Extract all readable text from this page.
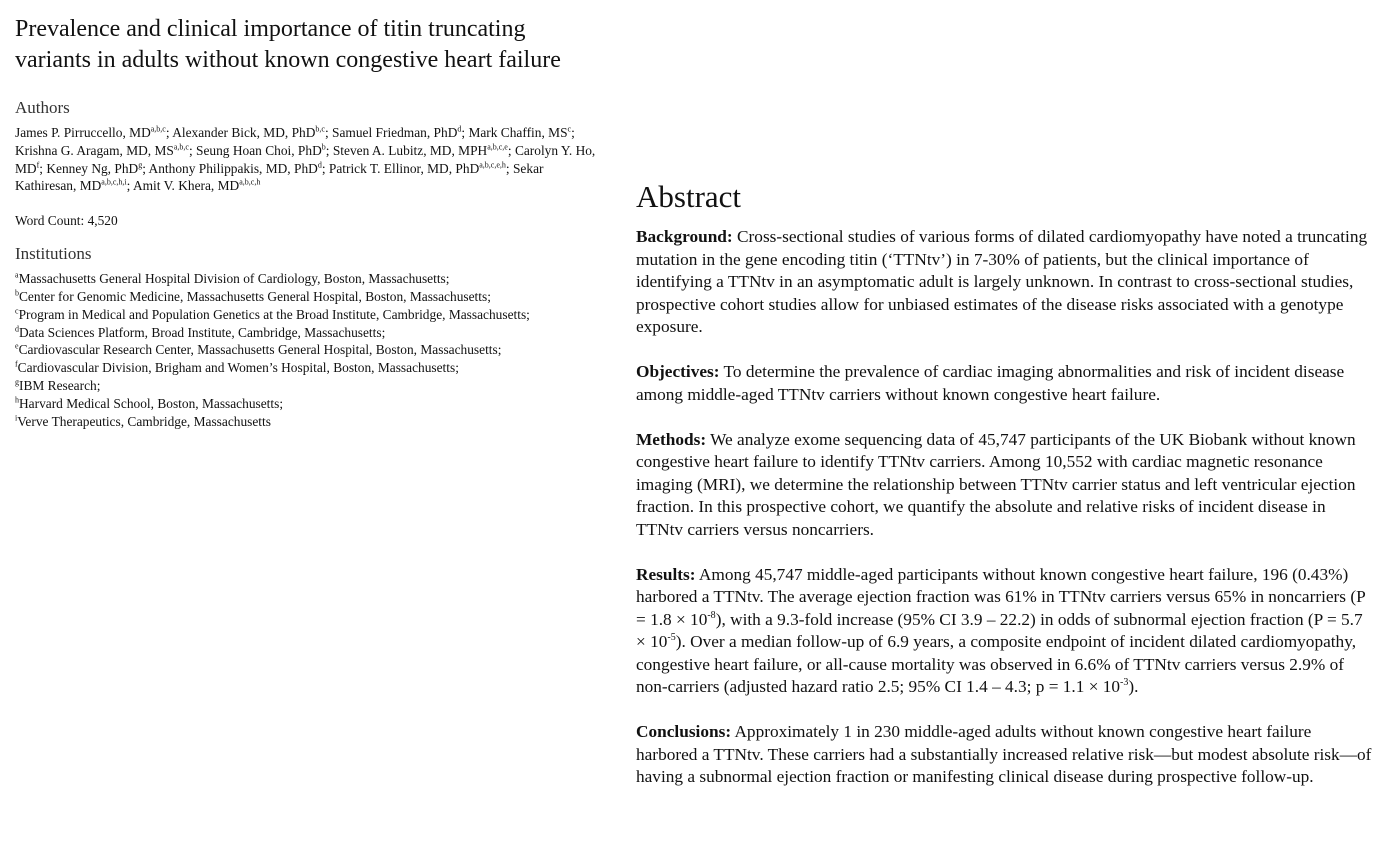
Prevalence and clinical importance of titin truncating variants in adults without known congestive heart failure
Authors
James P. Pirruccello, MD$^{a,b,c}$; Alexander Bick, MD, PhD$^{b,c}$; Samuel Friedman, PhD$^d$; Mark Chaffin, $MS^c$; Krishna G. Aragam, MD, MS$^{a,b,c}$; Seung Hoan Choi, PhD$^b$; Steven A. Lubitz, MD, MPH$^{a,b,c,e}$; Carolyn Y. Ho, $MD^f$; Kenney Ng, PhD$^g$; Anthony Philippakis, MD, PhD$^d$; Patrick T. Ellinor, MD, PhD$^{a,b,c,e,h}$; Sekar Kathiresan, MD$^{a,b,c,h,i}$; Amit V. Khera, MD$^{a,b,c,h}$
Word Count: 4,520
Institutions
$^a$Massachusetts General Hospital Division of Cardiology, Boston, Massachusetts;
$^b$Center for Genomic Medicine, Massachusetts General Hospital, Boston, Massachusetts;
$^c$Program in Medical and Population Genetics at the Broad Institute, Cambridge, Massachusetts;
$^d$Data Sciences Platform, Broad Institute, Cambridge, Massachusetts;
$^e$Cardiovascular Research Center, Massachusetts General Hospital, Boston, Massachusetts;
$^f$Cardiovascular Division, Brigham and Women’s Hospital, Boston, Massachusetts;
$^g$IBM Research;
$^h$Harvard Medical School, Boston, Massachusetts;
$^i$Verve Therapeutics, Cambridge, Massachusetts
Abstract

Background: Cross-sectional studies of various forms of dilated cardiomyopathy have noted a truncating mutation in the gene encoding titin (‘TTNtv’) in 7-30% of patients, but the clinical importance of identifying a TTNtv in an asymptomatic adult is largely unknown. In contrast to cross-sectional studies, prospective cohort studies allow for unbiased estimates of the disease risks associated with a genotype exposure.

Objectives: To determine the prevalence of cardiac imaging abnormalities and risk of incident disease among middle-aged TTNtv carriers without known congestive heart failure.

Methods: We analyze exome sequencing data of 45,747 participants of the UK Biobank without known congestive heart failure to identify TTNtv carriers. Among 10,552 with cardiac magnetic resonance imaging (MRI), we determine the relationship between TTNtv carrier status and left ventricular ejection fraction. In this prospective cohort, we quantify the absolute and relative risks of incident disease in TTNtv carriers versus noncarriers.

Results: Among 45,747 middle-aged participants without known congestive heart failure, 196 (0.43%) harbored a TTNtv. The average ejection fraction was 61% in TTNtv carriers versus 65% in noncarriers $(P = 1.8 \times 10^{-8})$, with a 9.3-fold increase (95% CI 3.9 – 22.2) in odds of subnormal ejection fraction $(P = 5.7 \times 10^{-5})$. Over a median follow-up of 6.9 years, a composite endpoint of incident dilated cardiomyopathy, congestive heart failure, or all-cause mortality was observed in 6.6% of TTNtv carriers versus 2.9% of non-carriers (adjusted hazard ratio 2.5; 95% CI 1.4 – 4.3; $p = 1.1 \times 10^{-3}$).

Conclusions: Approximately 1 in 230 middle-aged adults without known congestive heart failure harbored a TTNtv. These carriers had a substantially increased relative risk—but modest absolute risk—of having a subnormal ejection fraction or manifesting clinical disease during prospective follow-up.
